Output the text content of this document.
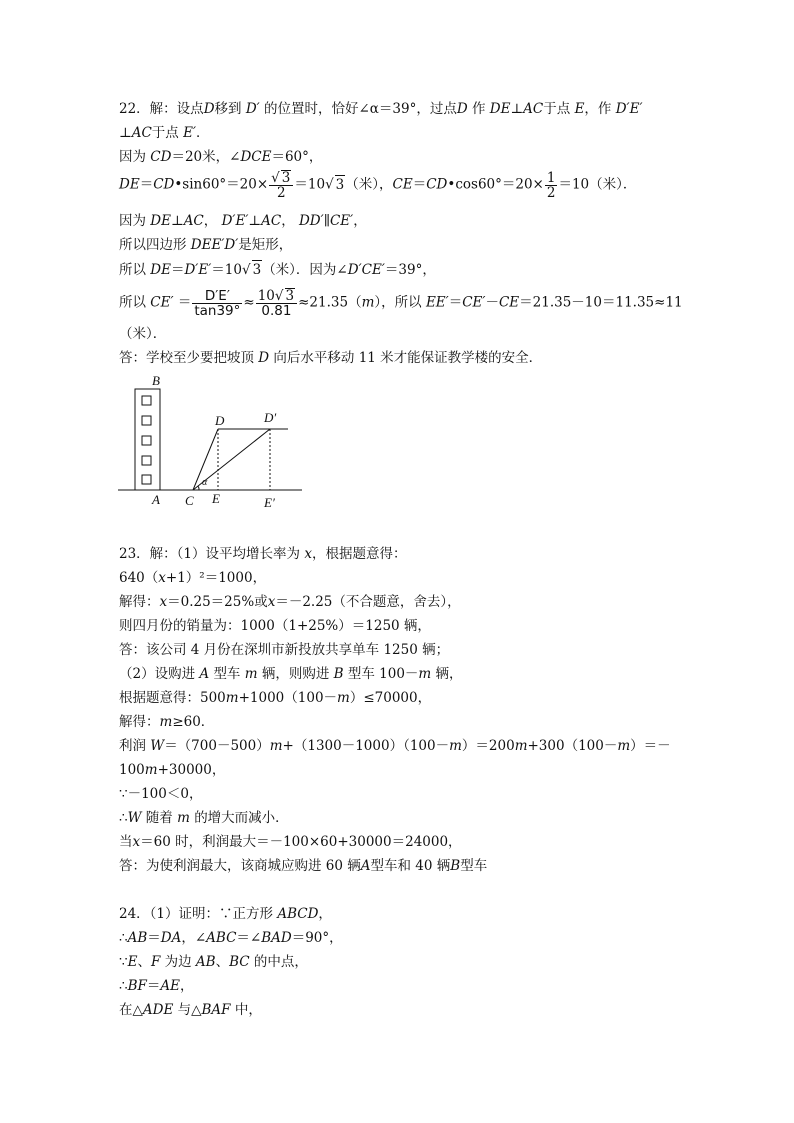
22．解：设点D移到 D′ 的位置时，恰好∠α＝39°，过点D 作 DE⊥AC于点 E，作 D′E′
⊥AC于点 E′．
因为 CD＝20米，∠DCE＝60°，
DE＝CD•sin60°＝20× $\frac{√ 3}{2} =10√$ 3（米），CE＝CD•cos60°＝20× $\frac{1}{2} =10$（米）．
因为 DE⊥AC， D′E′⊥AC， DD′∥CE′，
所以四边形 DEE′D′是矩形，
所以 DE＝D′E′＝10√ 3（米）．因为∠D′CE′＝39°，
所以 $CE' = \frac{D'E'}{\tan 39^\circ} \approx \frac{10√ 3}{0.81} \approx 21.35(m)$，所以 EE′＝CE′－CE＝21.35－10＝11.35≈11
（米）．
答：学校至少要把坡顶 D 向后水平移动 11 米才能保证教学楼的安全．
B
α
A C E	E′
D	D′
23．解：（1）设平均增长率为 x，根据题意得：
640（x+1）²＝1000，
解得：x＝0.25＝25%或x＝－2.25（不合题意，舍去），
则四月份的销量为：1000（1+25%）＝1250 辆，
答：该公司 4 月份在深圳市新投放共享单车 1250 辆；
（2）设购进 A 型车 m 辆，则购进 B 型车 100－m 辆，
根据题意得：500m+1000（100－m）≤70000，
解得：m≥60．
利润 W＝（700－500）m+（1300－1000）（100－m）＝200m+300（100－m）＝－
100m+30000，
∵－100＜0，
∴W 随着 m 的增大而减小．
当x＝60 时，利润最大＝－100×60+30000＝24000，
答：为使利润最大，该商城应购进 60 辆A型车和 40 辆B型车
24．（1）证明：∵正方形 ABCD，
∴AB＝DA，∠ABC＝∠BAD＝90°，
∵E、F 为边 AB、BC 的中点，
∴BF＝AE，
在△ADE 与△BAF 中，
